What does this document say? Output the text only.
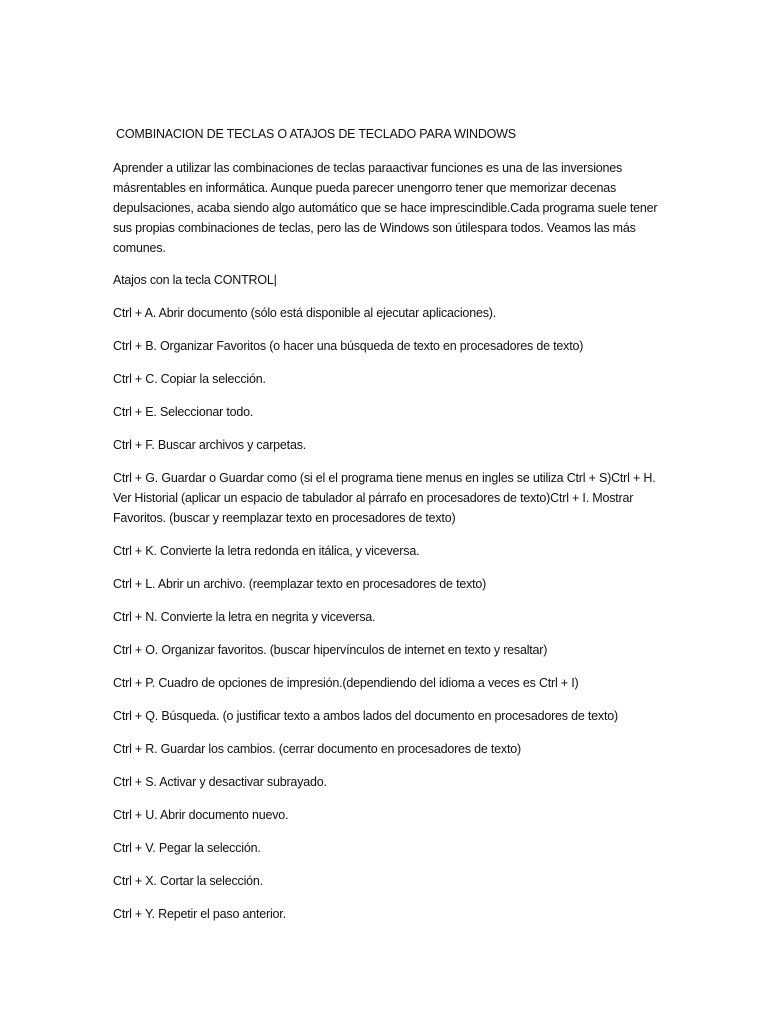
COMBINACION DE TECLAS O ATAJOS DE TECLADO PARA WINDOWS

Aprender a utilizar las combinaciones de teclas paraactivar funciones es una de las inversiones másrentables en informática. Aunque pueda parecer unengorro tener que memorizar decenas depulsaciones, acaba siendo algo automático que se hace imprescindible.Cada programa suele tener sus propias combinaciones de teclas, pero las de Windows son útilespara todos. Veamos las más comunes.

Atajos con la tecla CONTROL|

Ctrl + A. Abrir documento (sólo está disponible al ejecutar aplicaciones).

Ctrl + B. Organizar Favoritos (o hacer una búsqueda de texto en procesadores de texto)

Ctrl + C. Copiar la selección.

Ctrl + E. Seleccionar todo.

Ctrl + F. Buscar archivos y carpetas.

Ctrl + G. Guardar o Guardar como (si el el programa tiene menus en ingles se utiliza Ctrl + S)Ctrl + H. Ver Historial (aplicar un espacio de tabulador al párrafo en procesadores de texto)Ctrl + I. Mostrar Favoritos. (buscar y reemplazar texto en procesadores de texto)

Ctrl + K. Convierte la letra redonda en itálica, y viceversa.

Ctrl + L. Abrir un archivo. (reemplazar texto en procesadores de texto)

Ctrl + N. Convierte la letra en negrita y viceversa.

Ctrl + O. Organizar favoritos. (buscar hipervínculos de internet en texto y resaltar)

Ctrl + P. Cuadro de opciones de impresión.(dependiendo del idioma a veces es Ctrl + I)

Ctrl + Q. Búsqueda. (o justificar texto a ambos lados del documento en procesadores de texto)

Ctrl + R. Guardar los cambios. (cerrar documento en procesadores de texto)

Ctrl + S. Activar y desactivar subrayado.

Ctrl + U. Abrir documento nuevo.

Ctrl + V. Pegar la selección.

Ctrl + X. Cortar la selección.

Ctrl + Y. Repetir el paso anterior.
